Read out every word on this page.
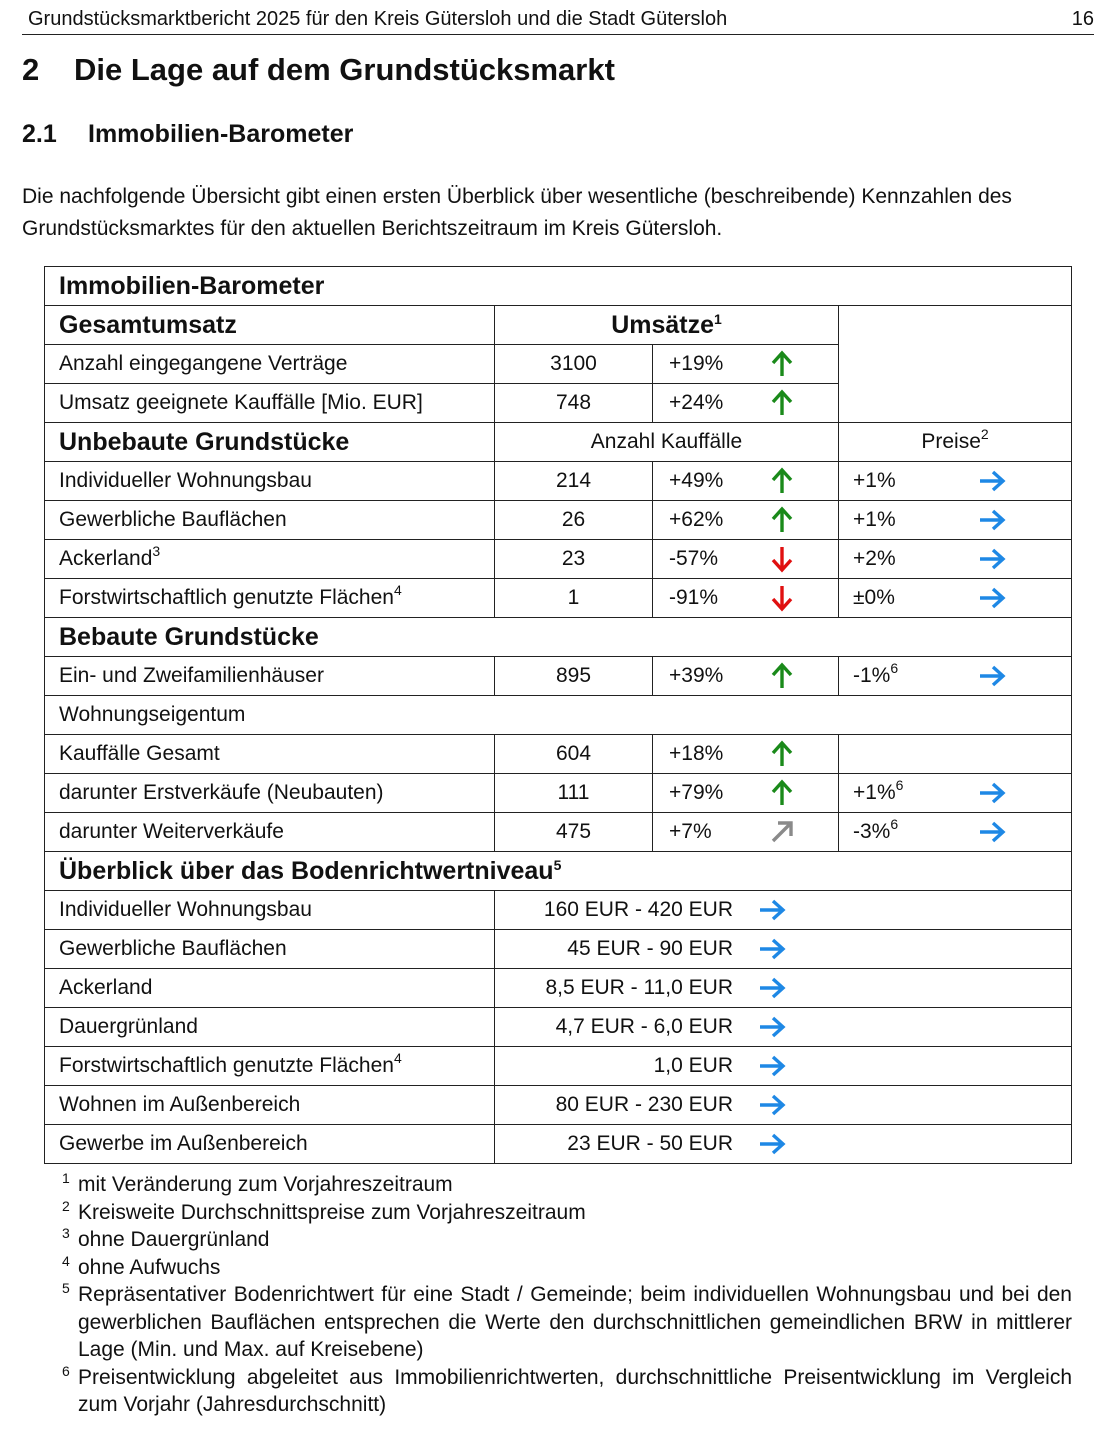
Grundstücksmarktbericht 2025 für den Kreis Gütersloh und die Stadt Gütersloh	16
2 Die Lage auf dem Grundstücksmarkt
2.1 Immobilien-Barometer
Die nachfolgende Übersicht gibt einen ersten Überblick über wesentliche (beschreibende) Kennzahlen des Grundstücksmarktes für den aktuellen Berichtszeitraum im Kreis Gütersloh.
Immobilien-Barometer			
Gesamtumsatz	Umsätze$^1$	
Anzahl eingegangene Verträge	3100	+19%	

Umsatz geeignete Kauffälle [Mio. EUR]	748	+24%	

Unbebaute Grundstücke	Anzahl Kauffälle		Preise$^2$
Individueller Wohnungsbau	214	+49%	+1%

Gewerbliche Bauflächen	26	+62%	+1%

Ackerland$^3$	23	-57%	+2%

Forstwirtschaftlich genutzte Flächen$^4$	1	-91%	±0%

Bebaute Grundstücke			
Ein- und Zweifamilienhäuser	895	+39%	-1%$^6$

Wohnungseigentum			
Kauffälle Gesamt	604	+18%	

darunter Erstverkäufe (Neubauten)	111	+79%	+1%$^6$

darunter Weiterverkäufe	475	+7%	-3%$^6$

Überblick über das Bodenrichtwertniveau$^5$
Individueller Wohnungsbau	160 EUR - 420 EUR		

Gewerbliche Bauflächen	45 EUR - 90 EUR		

Ackerland	8,5 EUR - 11,0 EUR		

Dauergrünland	4,7 EUR - 6,0 EUR		

Forstwirtschaftlich genutzte Flächen$^4$	1,0 EUR		

Wohnen im Außenbereich	80 EUR - 230 EUR		

Gewerbe im Außenbereich	23 EUR - 50 EUR		
1 mit Veränderung zum Vorjahreszeitraum
2 Kreisweite Durchschnittspreise zum Vorjahreszeitraum
3 ohne Dauergrünland
4 ohne Aufwuchs
5 Repräsentativer Bodenrichtwert für eine Stadt / Gemeinde; beim individuellen Wohnungsbau und bei den gewerblichen Bauflächen entsprechen die Werte den durchschnittlichen gemeindlichen BRW in mittlerer Lage (Min. und Max. auf Kreisebene)
6 Preisentwicklung abgeleitet aus Immobilienrichtwerten, durchschnittliche Preisentwicklung im Vergleich zum Vorjahr (Jahresdurchschnitt)
